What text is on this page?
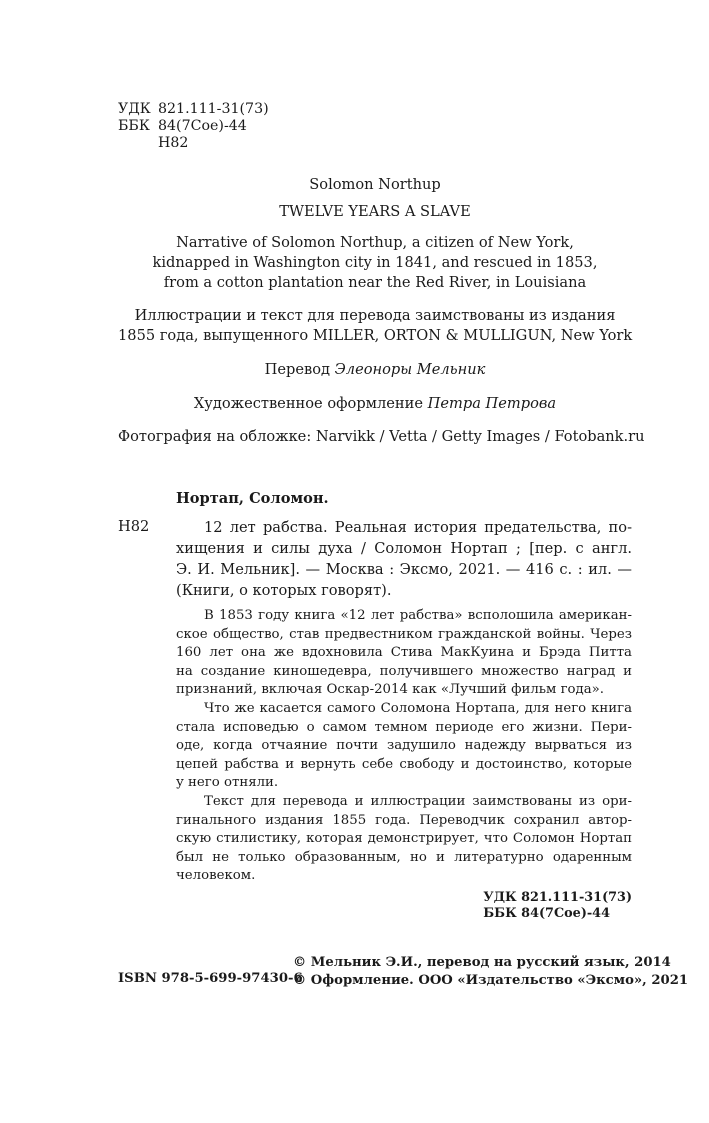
УДК 821.111-31(73)
ББК 84(7Сое)-44
Н82
Solomon Northup
TWELVE YEARS A SLAVE
Narrative of Solomon Northup, a citizen of New York,
kidnapped in Washington city in 1841, and rescued in 1853,
from a cotton plantation near the Red River, in Louisiana
Иллюстрации и текст для перевода заимствованы из издания
1855 года, выпущенного MILLER, ORTON & MULLIGUN, New York
Перевод Элеоноры Мельник
Художественное оформление Петра Петрова
Фотография на обложке: Narvikk / Vetta / Getty Images / Fotobank.ru
Нортап, Соломон.
Н82	12 лет рабства. Реальная история предательства, по-
хищения и силы духа / Соломон Нортап ; [пер. с англ.
Э. И. Мельник]. — Москва : Эксмо, 2021. — 416 с. : ил. —
(Книги, о которых говорят).
В 1853 году книга «12 лет рабства» всполошила американ-
ское общество, став предвестником гражданской войны. Через
160 лет она же вдохновила Стива МакКуина и Брэда Питта
на создание киношедевра, получившего множество наград и
признаний, включая Оскар-2014 как «Лучший фильм года».
Что же касается самого Соломона Нортапа, для него книга
стала исповедью о самом темном периоде его жизни. Пери-
оде, когда отчаяние почти задушило надежду вырваться из
цепей рабства и вернуть себе свободу и достоинство, которые
у него отняли.
Текст для перевода и иллюстрации заимствованы из ори-
гинального издания 1855 года. Переводчик сохранил автор-
скую стилистику, которая демонстрирует, что Соломон Нортап
был не только образованным, но и литературно одаренным
человеком.
УДК 821.111-31(73)
ББК 84(7Сое)-44
ISBN 978-5-699-97430-6
© Мельник Э.И., перевод на русский язык, 2014
© Оформление. ООО «Издательство «Эксмо», 2021
